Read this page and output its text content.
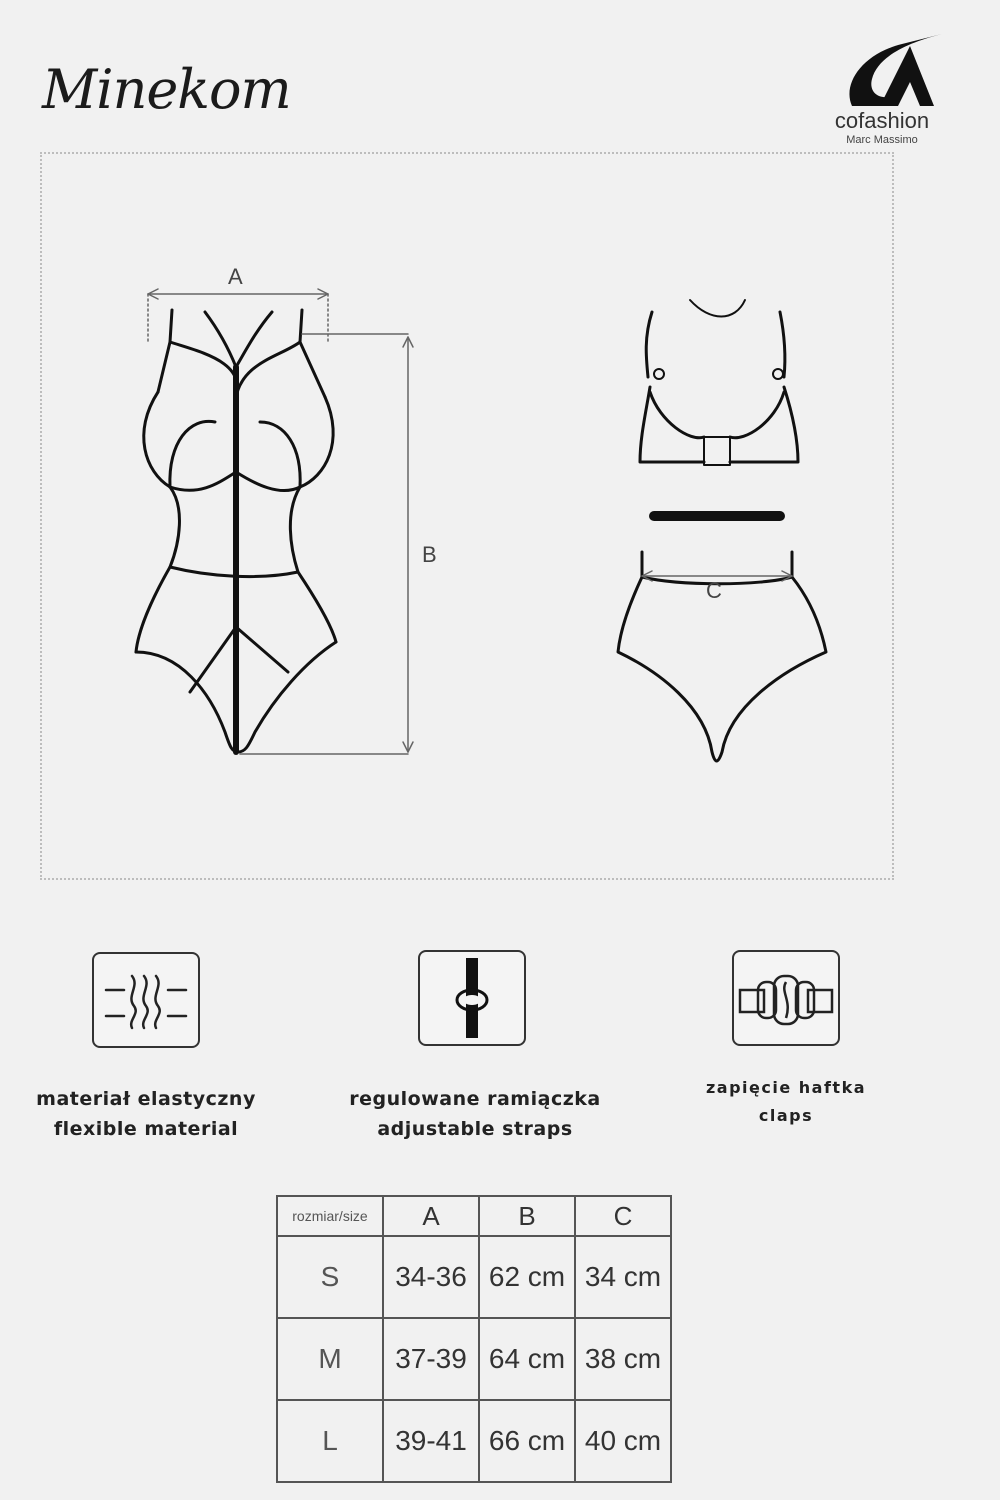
Minekom	cofashion
Marc Massimo
A
B
C
materiał elastyczny
flexible material
regulowane ramiączka
adjustable straps
zapięcie haftka
claps
rozmiar/size	A	B	C
S	34-36	62 cm	34 cm
M	37-39	64 cm	38 cm
L	39-41	66 cm	40 cm
